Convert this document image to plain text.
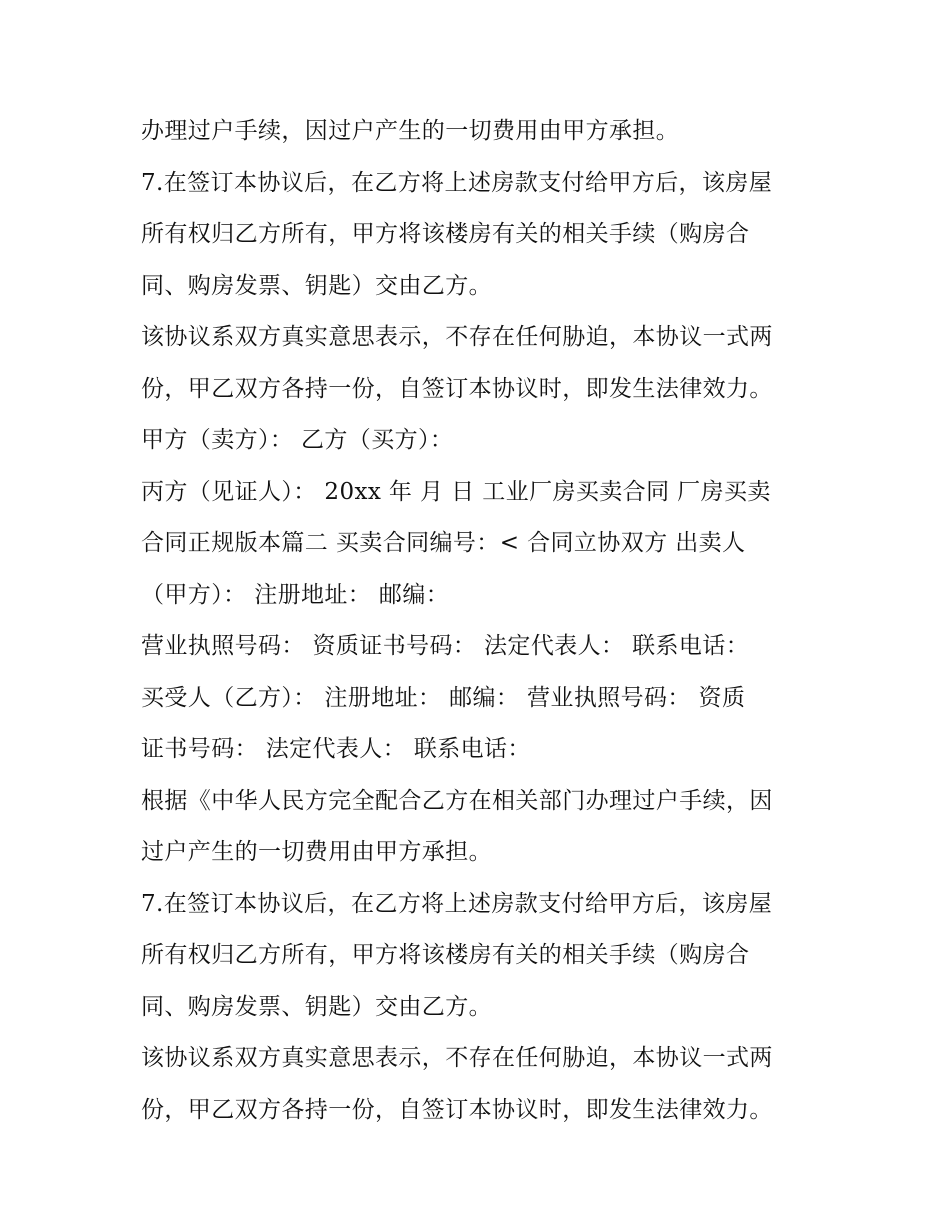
办理过户手续，因过户产生的一切费用由甲方承担。
7.在签订本协议后，在乙方将上述房款支付给甲方后，该房屋
所有权归乙方所有，甲方将该楼房有关的相关手续（购房合
同、购房发票、钥匙）交由乙方。
该协议系双方真实意思表示，不存在任何胁迫，本协议一式两
份，甲乙双方各持一份，自签订本协议时，即发生法律效力。
甲方（卖方）： 乙方（买方）：
丙方（见证人）： 20xx 年 月 日 工业厂房买卖合同 厂房买卖
合同正规版本篇二 买卖合同编号：< 合同立协双方 出卖人
（甲方）： 注册地址： 邮编：
营业执照号码： 资质证书号码： 法定代表人： 联系电话：
买受人（乙方）： 注册地址： 邮编： 营业执照号码： 资质
证书号码： 法定代表人： 联系电话：
根据《中华人民方完全配合乙方在相关部门办理过户手续，因
过户产生的一切费用由甲方承担。
7.在签订本协议后，在乙方将上述房款支付给甲方后，该房屋
所有权归乙方所有，甲方将该楼房有关的相关手续（购房合
同、购房发票、钥匙）交由乙方。
该协议系双方真实意思表示，不存在任何胁迫，本协议一式两
份，甲乙双方各持一份，自签订本协议时，即发生法律效力。
